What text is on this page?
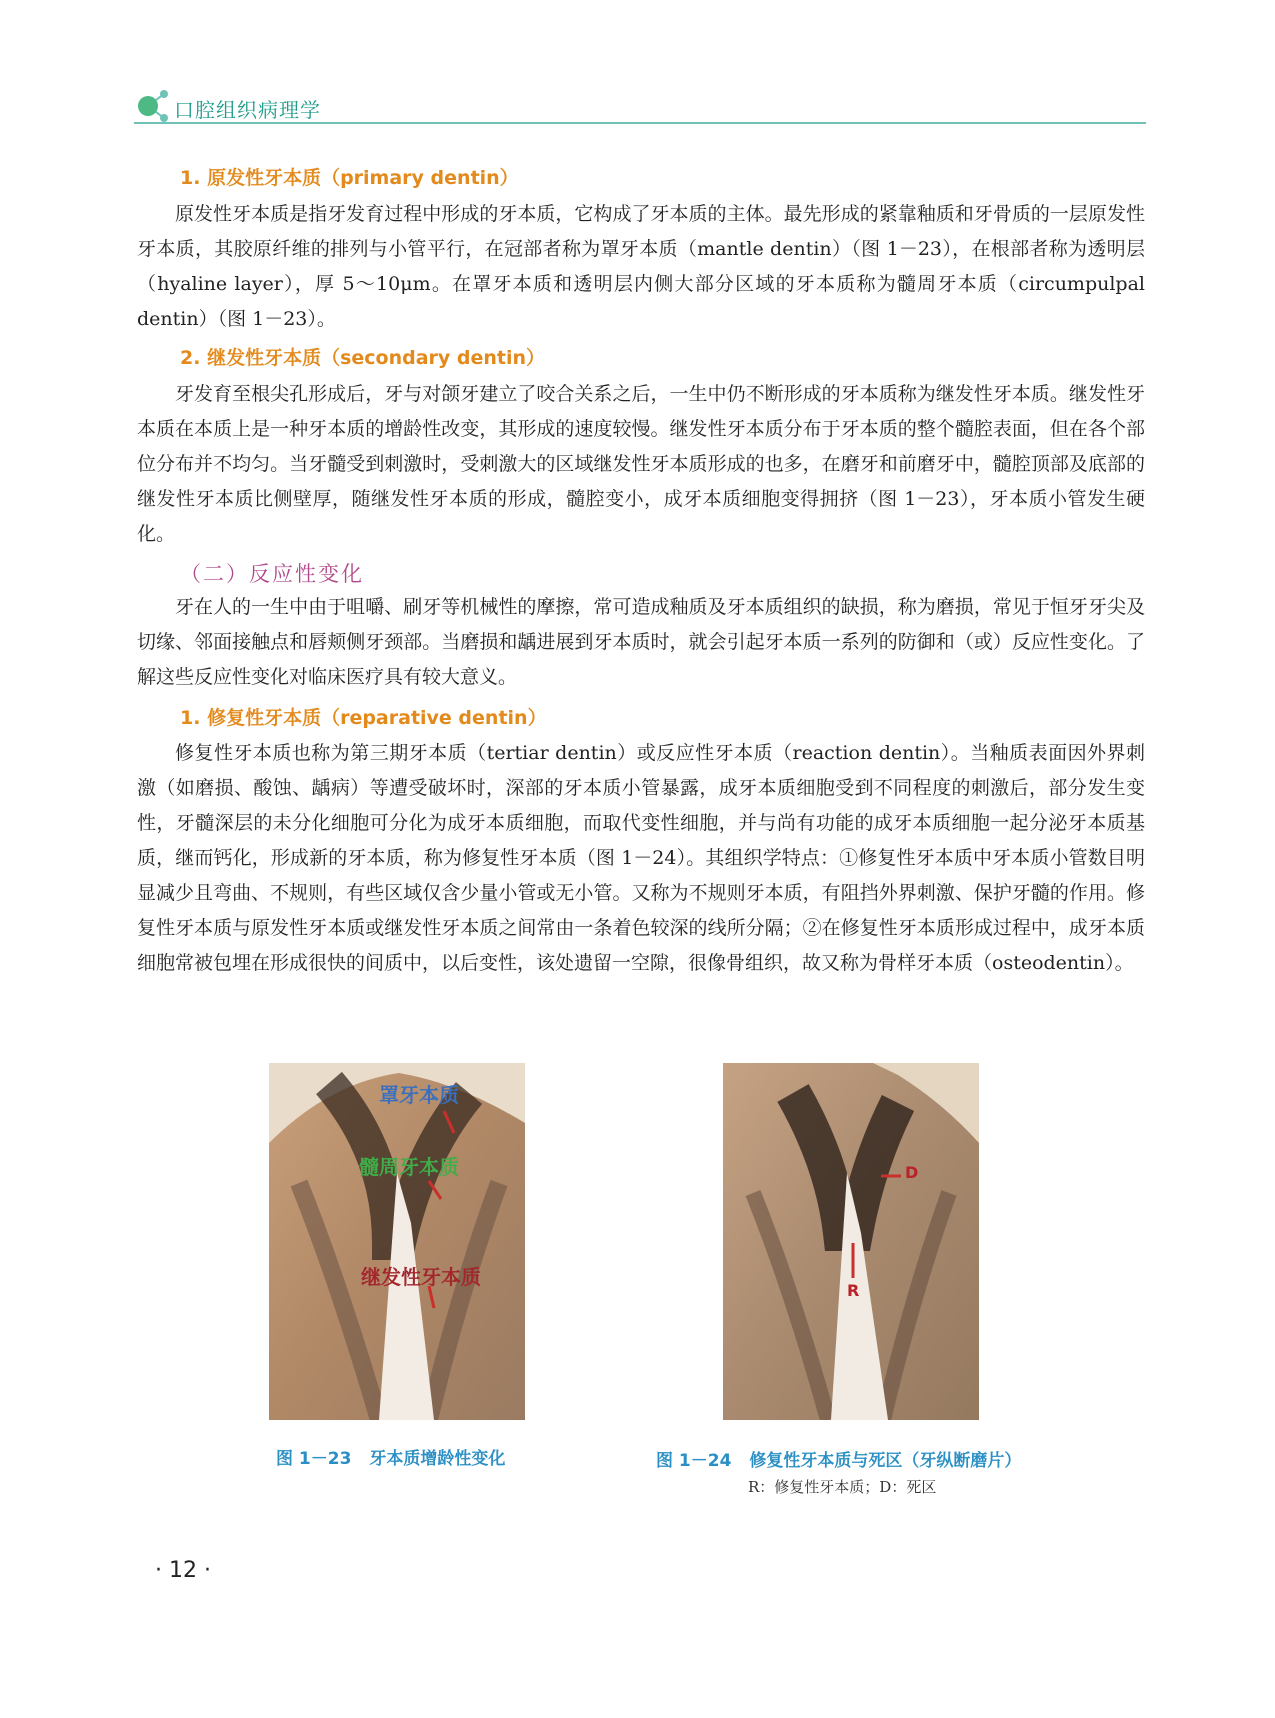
口腔组织病理学
1. 原发性牙本质（primary dentin）
原发性牙本质是指牙发育过程中形成的牙本质，它构成了牙本质的主体。最先形成的紧靠釉质和牙骨质的一层原发性牙本质，其胶原纤维的排列与小管平行，在冠部者称为罩牙本质（mantle dentin）（图 1－23），在根部者称为透明层（hyaline layer），厚 5～10μm。在罩牙本质和透明层内侧大部分区域的牙本质称为髓周牙本质（circumpulpal dentin）（图 1－23）。
2. 继发性牙本质（secondary dentin）
牙发育至根尖孔形成后，牙与对颌牙建立了咬合关系之后，一生中仍不断形成的牙本质称为继发性牙本质。继发性牙本质在本质上是一种牙本质的增龄性改变，其形成的速度较慢。继发性牙本质分布于牙本质的整个髓腔表面，但在各个部位分布并不均匀。当牙髓受到刺激时，受刺激大的区域继发性牙本质形成的也多，在磨牙和前磨牙中，髓腔顶部及底部的继发性牙本质比侧壁厚，随继发性牙本质的形成，髓腔变小，成牙本质细胞变得拥挤（图 1－23），牙本质小管发生硬化。
（二）反应性变化
牙在人的一生中由于咀嚼、刷牙等机械性的摩擦，常可造成釉质及牙本质组织的缺损，称为磨损，常见于恒牙牙尖及切缘、邻面接触点和唇颊侧牙颈部。当磨损和龋进展到牙本质时，就会引起牙本质一系列的防御和（或）反应性变化。了解这些反应性变化对临床医疗具有较大意义。
1. 修复性牙本质（reparative dentin）
修复性牙本质也称为第三期牙本质（tertiar dentin）或反应性牙本质（reaction dentin）。当釉质表面因外界刺激（如磨损、酸蚀、龋病）等遭受破坏时，深部的牙本质小管暴露，成牙本质细胞受到不同程度的刺激后，部分发生变性，牙髓深层的未分化细胞可分化为成牙本质细胞，而取代变性细胞，并与尚有功能的成牙本质细胞一起分泌牙本质基质，继而钙化，形成新的牙本质，称为修复性牙本质（图 1－24）。其组织学特点：①修复性牙本质中牙本质小管数目明显减少且弯曲、不规则，有些区域仅含少量小管或无小管。又称为不规则牙本质，有阻挡外界刺激、保护牙髓的作用。修复性牙本质与原发性牙本质或继发性牙本质之间常由一条着色较深的线所分隔；②在修复性牙本质形成过程中，成牙本质细胞常被包埋在形成很快的间质中，以后变性，该处遗留一空隙，很像骨组织，故又称为骨样牙本质（osteodentin）。
罩牙本质
髓周牙本质
继发性牙本质
图 1－23 牙本质增龄性变化
D
R
图 1－24 修复性牙本质与死区（牙纵断磨片）
R：修复性牙本质；D：死区
· 12 ·
